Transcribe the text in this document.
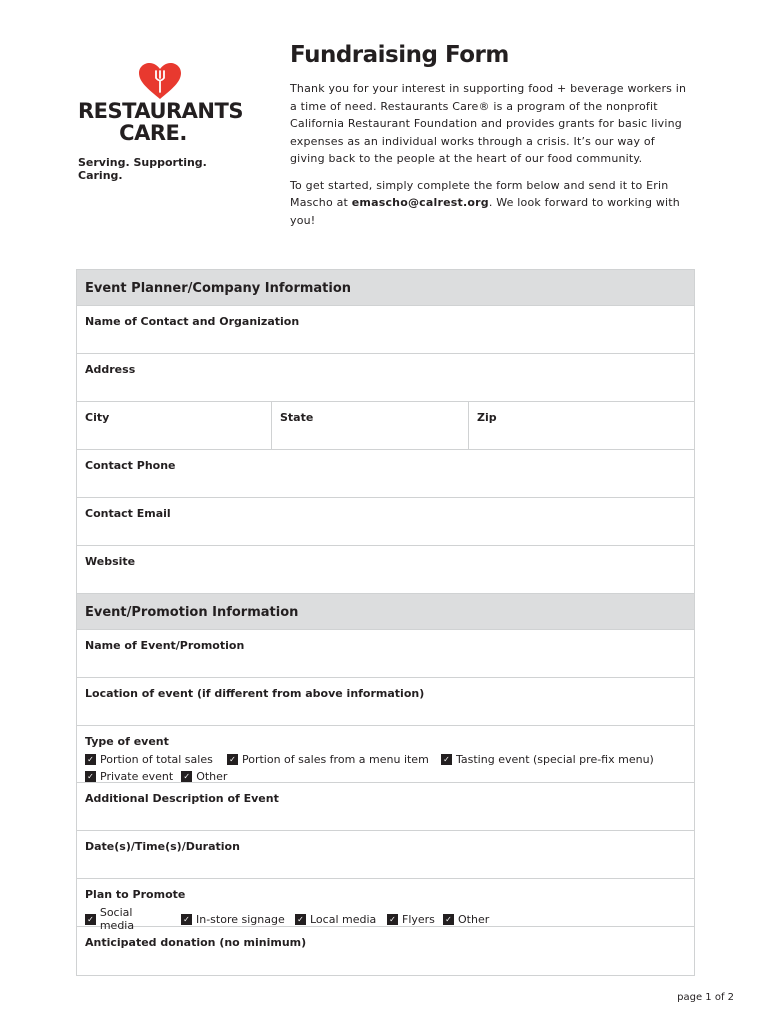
RESTAURANTS
CARE.
Serving. Supporting. Caring.
Fundraising Form

Thank you for your interest in supporting food + beverage workers in a time of need. Restaurants Care® is a program of the nonprofit California Restaurant Foundation and provides grants for basic living expenses as an individual works through a crisis. It’s our way of giving back to the people at the heart of our food community.

To get started, simply complete the form below and send it to Erin Mascho at emascho@calrest.org. We look forward to working with you!

Event Planner/Company Information
Name of Contact and Organization
Address
City	State	Zip
Contact Phone
Contact Email
Website
Event/Promotion Information
Name of Event/Promotion
Location of event (if different from above information)
Type of event
✓ Portion of total sales ✓ Portion of sales from a menu item ✓ Tasting event (special pre-fix menu)
✓ Private event ✓ Other
Additional Description of Event
Date(s)/Time(s)/Duration
Plan to Promote
✓ Social media	✓ In-store signage ✓ Local media ✓ Flyers ✓ Other
Anticipated donation (no minimum)
page 1 of 2
